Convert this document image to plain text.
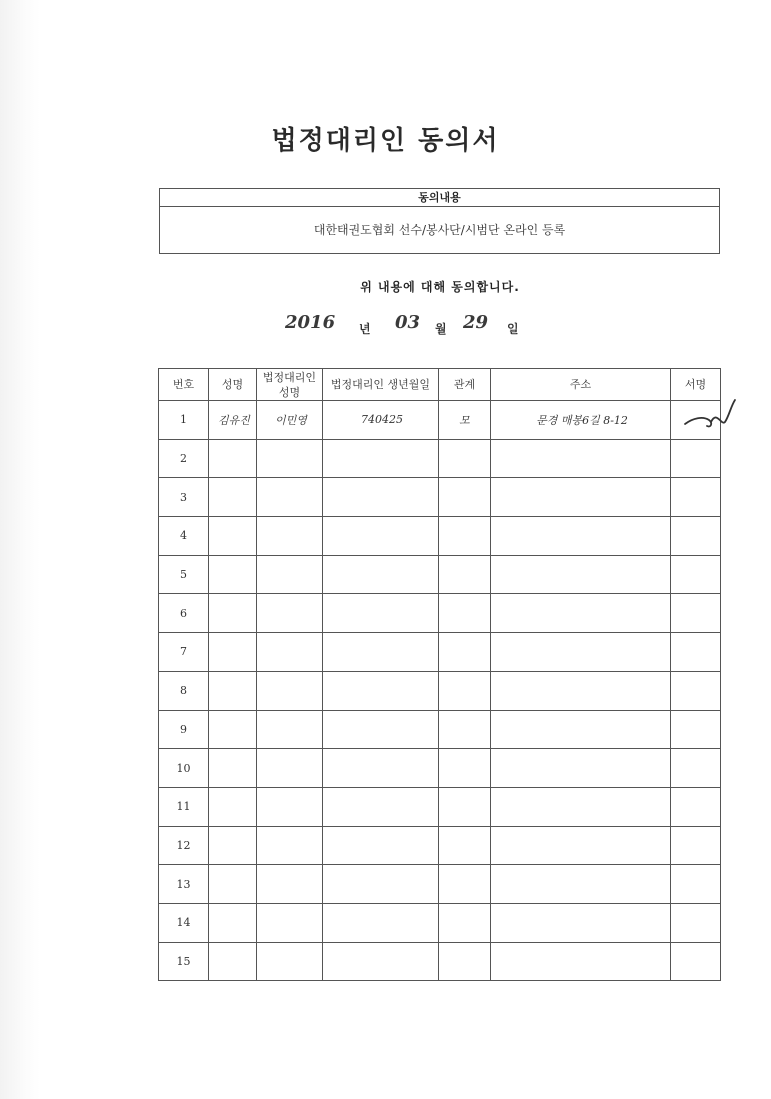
법정대리인 동의서
동의내용
대한태권도협회 선수/봉사단/시범단 온라인 등록
위 내용에 대해 동의합니다.
2016 년 03 월 29 일
번호	성명	법정대리인 성명	법정대리인 생년월일	관계	주소	서명
1	김유진	이민영	740425	모	문경 매봉6길 8-12	
2						
3						
4						
5						
6						
7						
8						
9						
10						
11						
12						
13						
14						
15						
